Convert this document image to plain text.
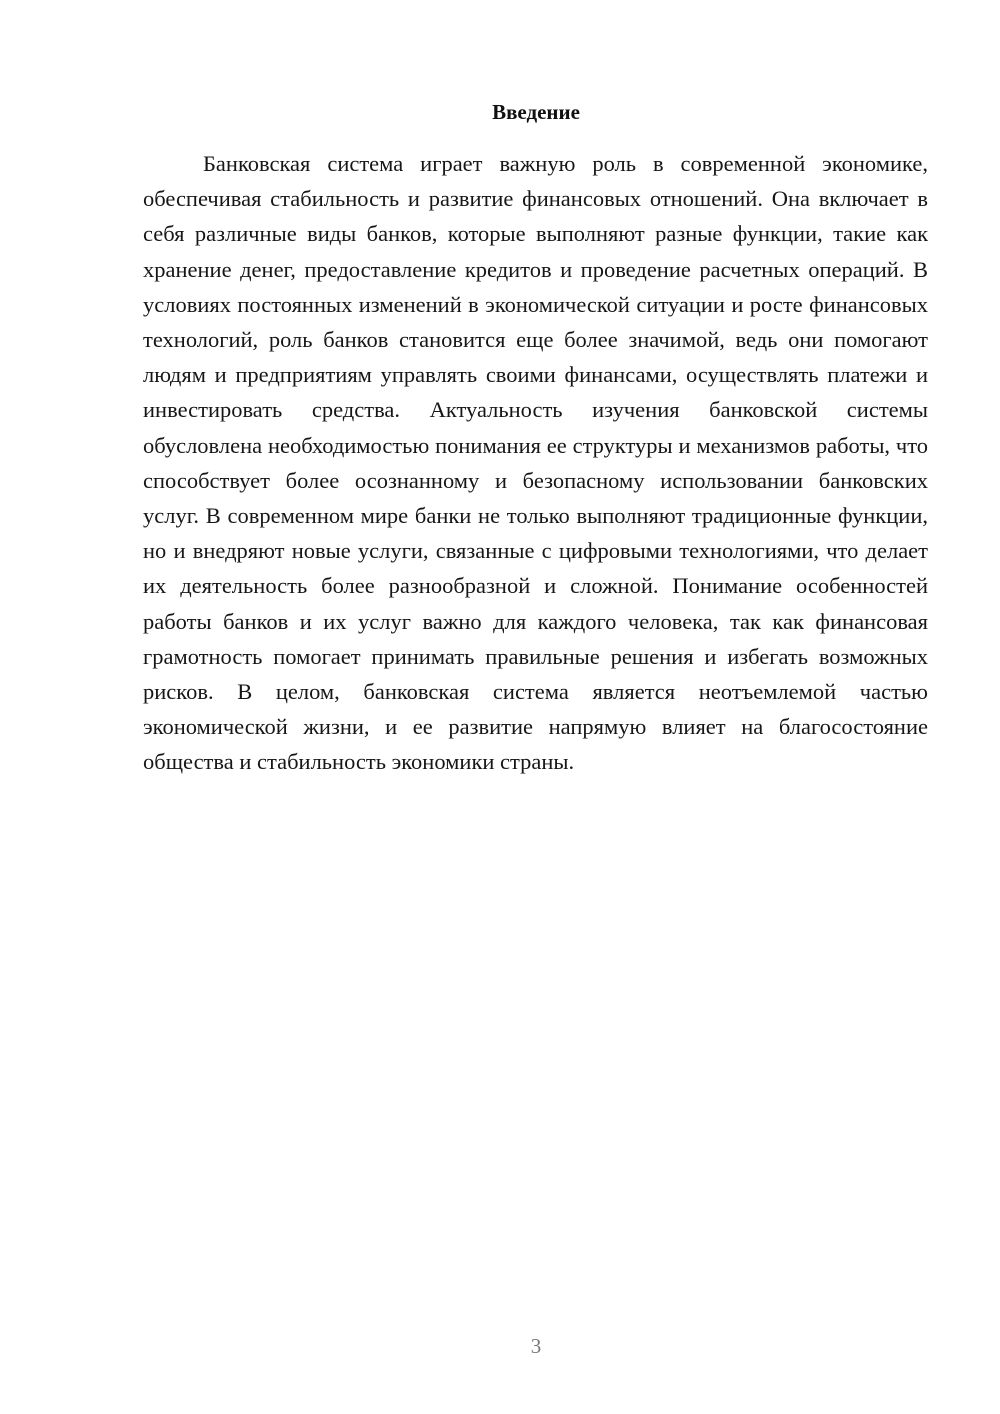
Введение

Банковская система играет важную роль в современной экономике, обеспечивая стабильность и развитие финансовых отношений. Она включает в себя различные виды банков, которые выполняют разные функции, такие как хранение денег, предоставление кредитов и проведение расчетных операций. В условиях постоянных изменений в экономической ситуации и росте финансовых технологий, роль банков становится еще более значимой, ведь они помогают людям и предприятиям управлять своими финансами, осуществлять платежи и инвестировать средства. Актуальность изучения банковской системы обусловлена необходимостью понимания ее структуры и механизмов работы, что способствует более осознанному и безопасному использовании банковских услуг. В современном мире банки не только выполняют традиционные функции, но и внедряют новые услуги, связанные с цифровыми технологиями, что делает их деятельность более разнообразной и сложной. Понимание особенностей работы банков и их услуг важно для каждого человека, так как финансовая грамотность помогает принимать правильные решения и избегать возможных рисков. В целом, банковская система является неотъемлемой частью экономической жизни, и ее развитие напрямую влияет на благосостояние общества и стабильность экономики страны.

3
